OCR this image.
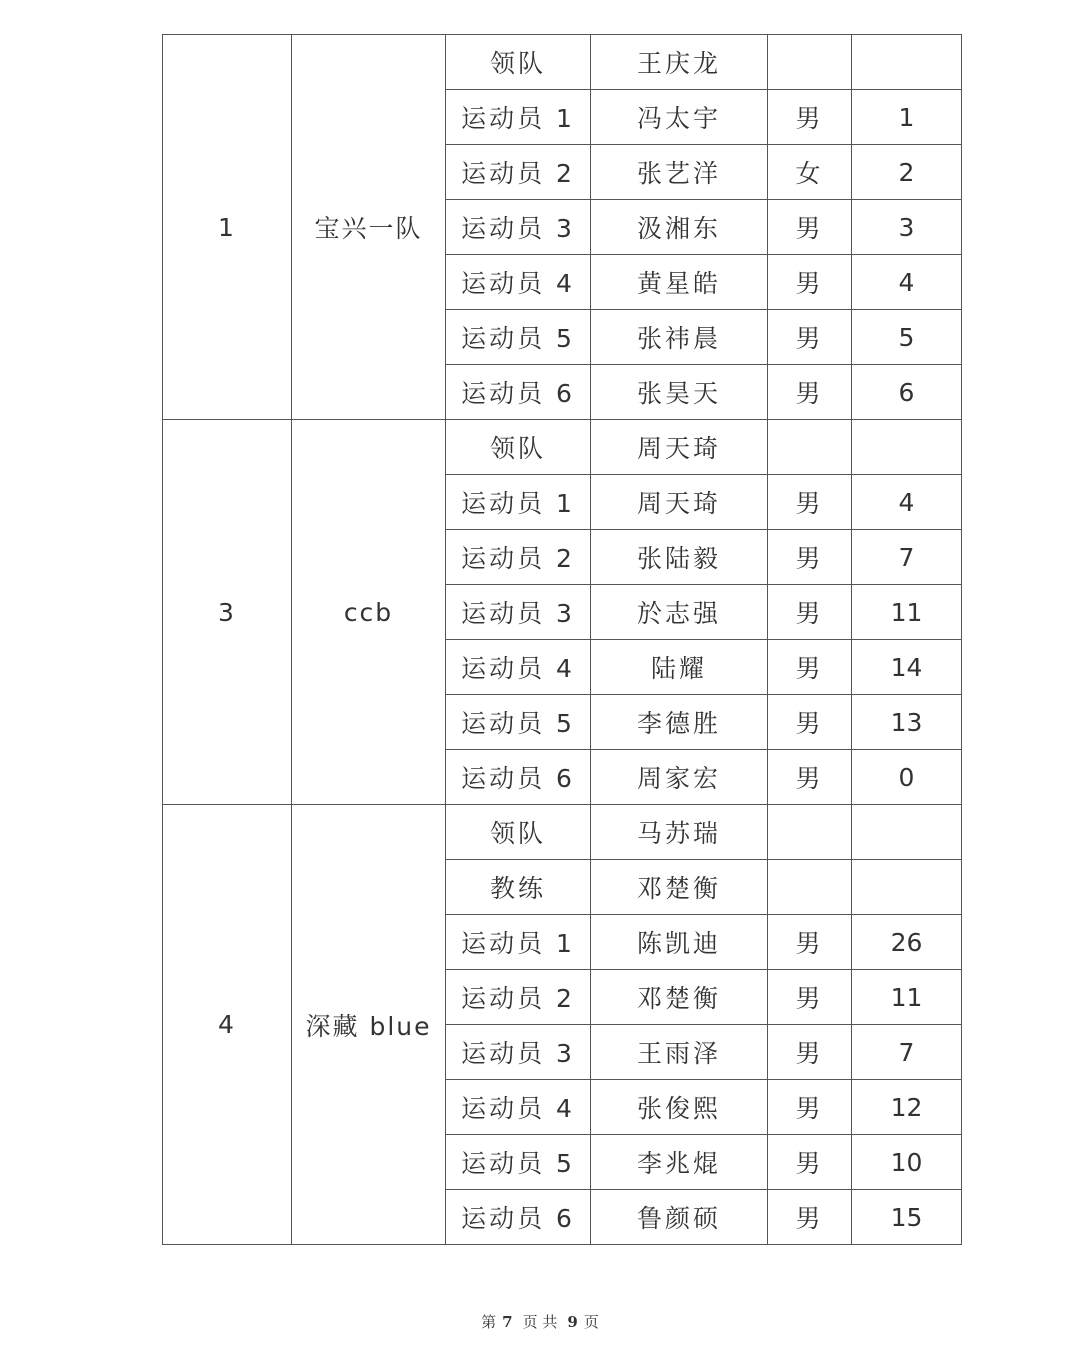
1	宝兴一队	领队	王庆龙		
		运动员 1	冯太宇	男	1
		运动员 2	张艺洋	女	2
		运动员 3	汲湘东	男	3
		运动员 4	黄星皓	男	4
		运动员 5	张祎晨	男	5
		运动员 6	张昊天	男	6
3	ccb	领队	周天琦		
		运动员 1	周天琦	男	4
		运动员 2	张陆毅	男	7
		运动员 3	於志强	男	11
		运动员 4	陆耀	男	14
		运动员 5	李德胜	男	13
		运动员 6	周家宏	男	0
4	深藏 blue	领队	马苏瑞		
		教练	邓楚衡		
		运动员 1	陈凯迪	男	26
		运动员 2	邓楚衡	男	11
		运动员 3	王雨泽	男	7
		运动员 4	张俊熙	男	12
		运动员 5	李兆焜	男	10
		运动员 6	鲁颜硕	男	15
第 7 页 共 9 页
